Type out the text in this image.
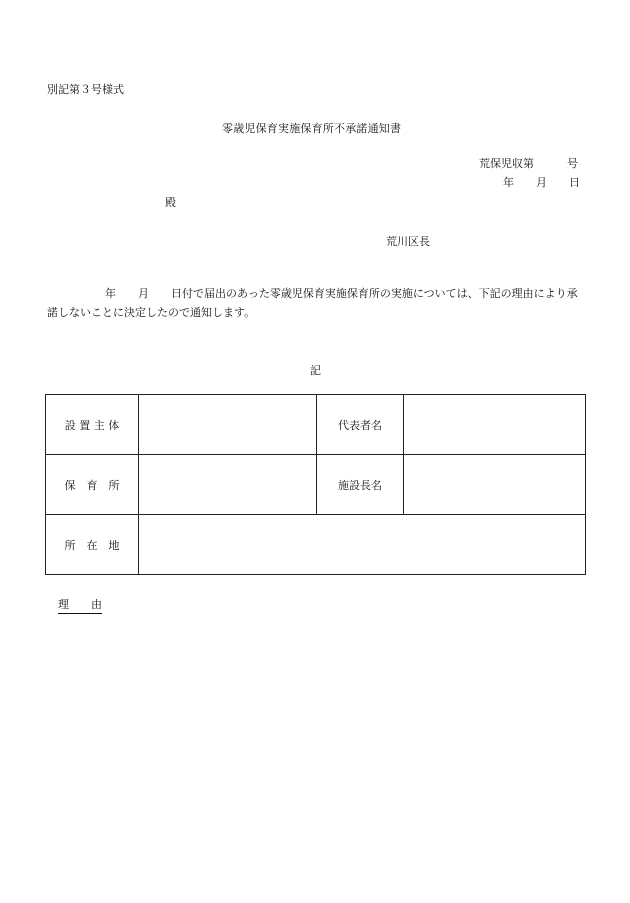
別記第３号様式
零歳児保育実施保育所不承諾通知書
荒保児収第　　　号
年　　月　　日
殿
荒川区長
年　　月　　日付で届出のあった零歳児保育実施保育所の実施については、下記の理由により承諾しないことに決定したので通知します。
記
設 置 主 体		代表者名	
保　育　所		施設長名	
所　在　地			
理　　由
